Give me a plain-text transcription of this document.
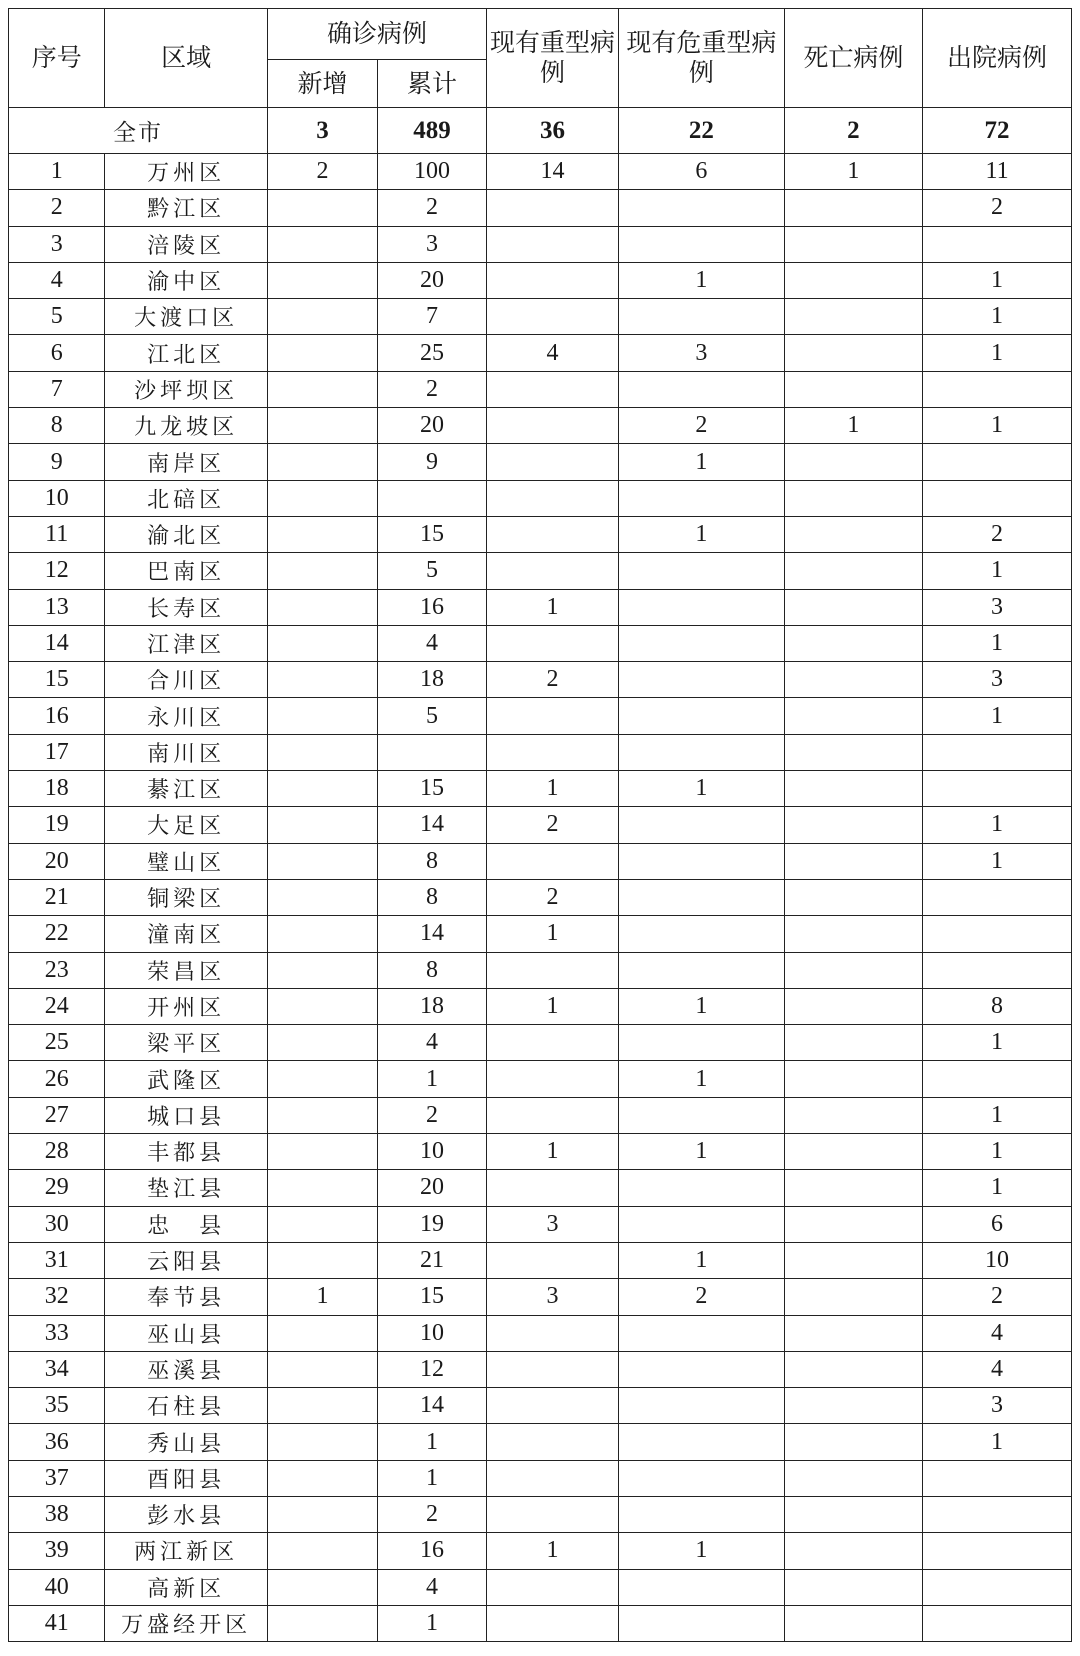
序号	区域	确诊病例		现有重型病例	现有危重型病例	死亡病例	出院病例
		新增	累计				
全市		3	489	36	22	2	72
1	万州区	2	100	14	6	1	11
2	黔江区		2				2
3	涪陵区		3				
4	渝中区		20		1		1
5	大渡口区		7				1
6	江北区		25	4	3		1
7	沙坪坝区		2				
8	九龙坡区		20		2	1	1
9	南岸区		9		1		
10	北碚区						
11	渝北区		15		1		2
12	巴南区		5				1
13	长寿区		16	1			3
14	江津区		4				1
15	合川区		18	2			3
16	永川区		5				1
17	南川区						
18	綦江区		15	1	1		
19	大足区		14	2			1
20	璧山区		8				1
21	铜梁区		8	2			
22	潼南区		14	1			
23	荣昌区		8				
24	开州区		18	1	1		8
25	梁平区		4				1
26	武隆区		1		1		
27	城口县		2				1
28	丰都县		10	1	1		1
29	垫江县		20				1
30	忠　县		19	3			6
31	云阳县		21		1		10
32	奉节县	1	15	3	2		2
33	巫山县		10				4
34	巫溪县		12				4
35	石柱县		14				3
36	秀山县		1				1
37	酉阳县		1				
38	彭水县		2				
39	两江新区		16	1	1		
40	高新区		4				
41	万盛经开区		1				
